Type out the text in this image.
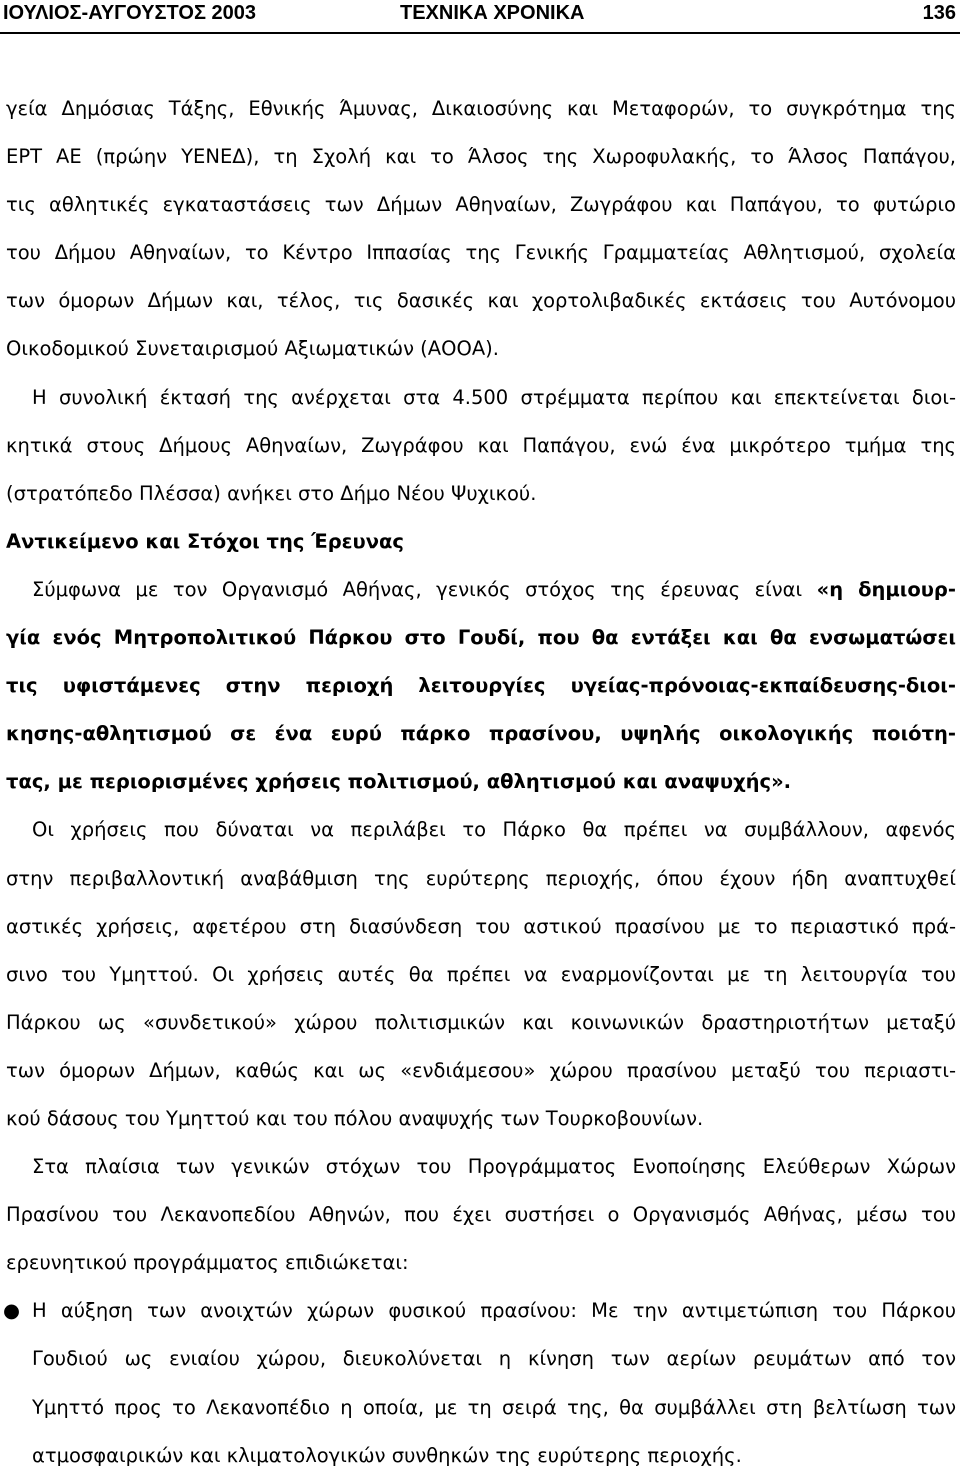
ΙΟΥΛΙΟΣ-ΑΥΓΟΥΣΤΟΣ 2003	ΤΕΧΝΙΚΑ ΧΡΟΝΙΚΑ	136
γεία Δημόσιας Τάξης, Εθνικής Άμυνας, Δικαιοσύνης και Μεταφορών, το συγκρότημα της
ΕΡΤ ΑΕ (πρώην ΥΕΝΕΔ), τη Σχολή και το Άλσος της Χωροφυλακής, το Άλσος Παπάγου,
τις αθλητικές εγκαταστάσεις των Δήμων Αθηναίων, Ζωγράφου και Παπάγου, το φυτώριο
του Δήμου Αθηναίων, το Κέντρο Ιππασίας της Γενικής Γραμματείας Αθλητισμού, σχολεία
των όμορων Δήμων και, τέλος, τις δασικές και χορτολιβαδικές εκτάσεις του Αυτόνομου
Οικοδομικού Συνεταιρισμού Αξιωματικών (ΑΟΟΑ).
Η συνολική έκτασή της ανέρχεται στα 4.500 στρέμματα περίπου και επεκτείνεται διοι-
κητικά στους Δήμους Αθηναίων, Ζωγράφου και Παπάγου, ενώ ένα μικρότερο τμήμα της
(στρατόπεδο Πλέσσα) ανήκει στο Δήμο Νέου Ψυχικού.
Αντικείμενο και Στόχοι της Έρευνας
Σύμφωνα με τον Οργανισμό Αθήνας, γενικός στόχος της έρευνας είναι «η δημιουρ-
γία ενός Μητροπολιτικού Πάρκου στο Γουδί, που θα εντάξει και θα ενσωματώσει
τις υφιστάμενες στην περιοχή λειτουργίες υγείας-πρόνοιας-εκπαίδευσης-διοι-
κησης-αθλητισμού σε ένα ευρύ πάρκο πρασίνου, υψηλής οικολογικής ποιότη-
τας, με περιορισμένες χρήσεις πολιτισμού, αθλητισμού και αναψυχής».
Οι χρήσεις που δύναται να περιλάβει το Πάρκο θα πρέπει να συμβάλλουν, αφενός
στην περιβαλλοντική αναβάθμιση της ευρύτερης περιοχής, όπου έχουν ήδη αναπτυχθεί
αστικές χρήσεις, αφετέρου στη διασύνδεση του αστικού πρασίνου με το περιαστικό πρά-
σινο του Υμηττού. Οι χρήσεις αυτές θα πρέπει να εναρμονίζονται με τη λειτουργία του
Πάρκου ως «συνδετικού» χώρου πολιτισμικών και κοινωνικών δραστηριοτήτων μεταξύ
των όμορων Δήμων, καθώς και ως «ενδιάμεσου» χώρου πρασίνου μεταξύ του περιαστι-
κού δάσους του Υμηττού και του πόλου αναψυχής των Τουρκοβουνίων.
Στα πλαίσια των γενικών στόχων του Προγράμματος Ενοποίησης Ελεύθερων Χώρων
Πρασίνου του Λεκανοπεδίου Αθηνών, που έχει συστήσει ο Οργανισμός Αθήνας, μέσω του
ερευνητικού προγράμματος επιδιώκεται:
● Η αύξηση των ανοιχτών χώρων φυσικού πρασίνου: Με την αντιμετώπιση του Πάρκου
Γουδιού ως ενιαίου χώρου, διευκολύνεται η κίνηση των αερίων ρευμάτων από τον
Υμηττό προς το Λεκανοπέδιο η οποία, με τη σειρά της, θα συμβάλλει στη βελτίωση των
ατμοσφαιρικών και κλιματολογικών συνθηκών της ευρύτερης περιοχής.
